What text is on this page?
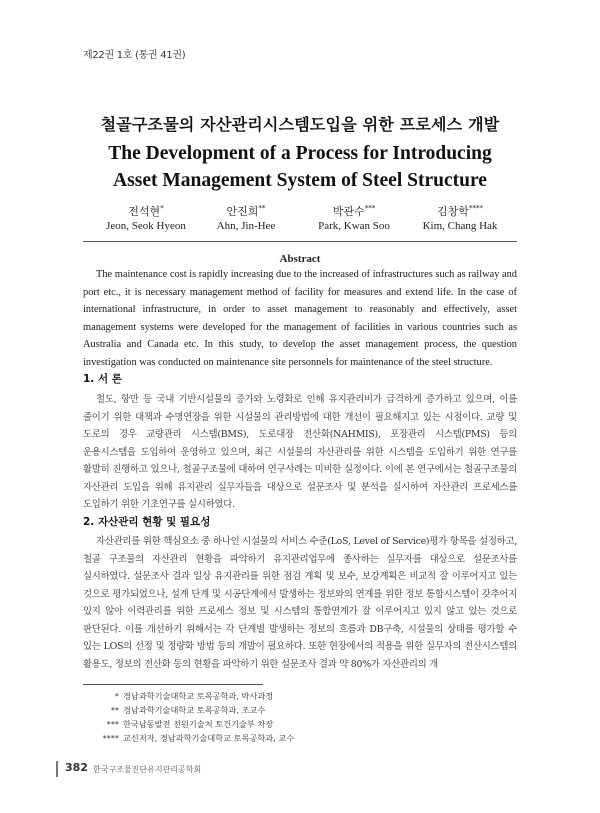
제22권 1호 (통권 41권)
철골구조물의 자산관리시스템도입을 위한 프로세스 개발
The Development of a Process for Introducing
Asset Management System of Steel Structure
전석현*
Jeon, Seok Hyeon
안진희**
Ahn, Jin-Hee
박관수***
Park, Kwan Soo
김창학****
Kim, Chang Hak
Abstract

The maintenance cost is rapidly increasing due to the increased of infrastructures such as railway and port etc., it is necessary management method of facility for measures and extend life. In the case of international infrastructure, in order to asset management to reasonably and effectively, asset management systems were developed for the management of facilities in various countries such as Australia and Canada etc. In this study, to develop the asset management process, the question investigation was conducted on maintenance site personnels for maintenance of the steel structure.

1. 서 론

철도, 항만 등 국내 기반시설물의 증가와 노령화로 인해 유지관리비가 급격하게 증가하고 있으며, 이를 줄이기 위한 대책과 수명연장을 위한 시설물의 관리방법에 대한 개선이 필요해지고 있는 시점이다. 교량 및 도로의 경우 교량관리 시스템(BMS), 도로대장 전산화(NAHMIS), 포장관리 시스템(PMS) 등의 운용시스템을 도입하여 운영하고 있으며, 최근 시설물의 자산관리를 위한 시스템을 도입하기 위한 연구를 활발히 진행하고 있으나, 철골구조물에 대하여 연구사례는 미비한 실정이다. 이에 본 연구에서는 철골구조물의 자산관리 도입을 위해 유지관리 실무자들을 대상으로 설문조사 및 분석을 실시하여 자산관리 프로세스를 도입하기 위한 기초연구를 실시하였다.

2. 자산관리 현황 및 필요성

자산관리를 위한 핵심요소 중 하나인 시설물의 서비스 수준(LoS, Level of Service)평가 항목을 설정하고, 철골 구조물의 자산관리 현황을 파악하기 유지관리업무에 종사하는 실무자를 대상으로 설문조사를 실시하였다. 설문조사 결과 일상 유지관리를 위한 점검 계획 및 보수, 보강계획은 비교적 잘 이루어지고 있는 것으로 평가되었으나, 설계 단계 및 시공단계에서 발생하는 정보와의 연계를 위한 정보 통합시스템이 갖추어지 있지 않아 이력관리를 위한 프로세스 정보 및 시스템의 통합연계가 잘 이루어지고 있지 않고 있는 것으로 판단된다. 이를 개선하기 위해서는 각 단계별 발생하는 정보의 흐름과 DB구축, 시설물의 상태를 평가할 수 있는 LOS의 선정 및 정량화 방법 등의 개발이 필요하다. 또한 현장에서의 적용을 위한 실무자의 전산시스템의 활용도, 정보의 전산화 등의 현황을 파악하기 위한 설문조사 결과 약 80%가 자산관리의 개

* 경남과학기술대학교 토목공학과, 박사과정
** 경남과학기술대학교 토목공학과, 조교수
*** 한국남동발전 전원기술처 토건기술부 차장
**** 교신저자, 경남과학기술대학교 토목공학과, 교수
382 한국구조물진단유지관리공학회
